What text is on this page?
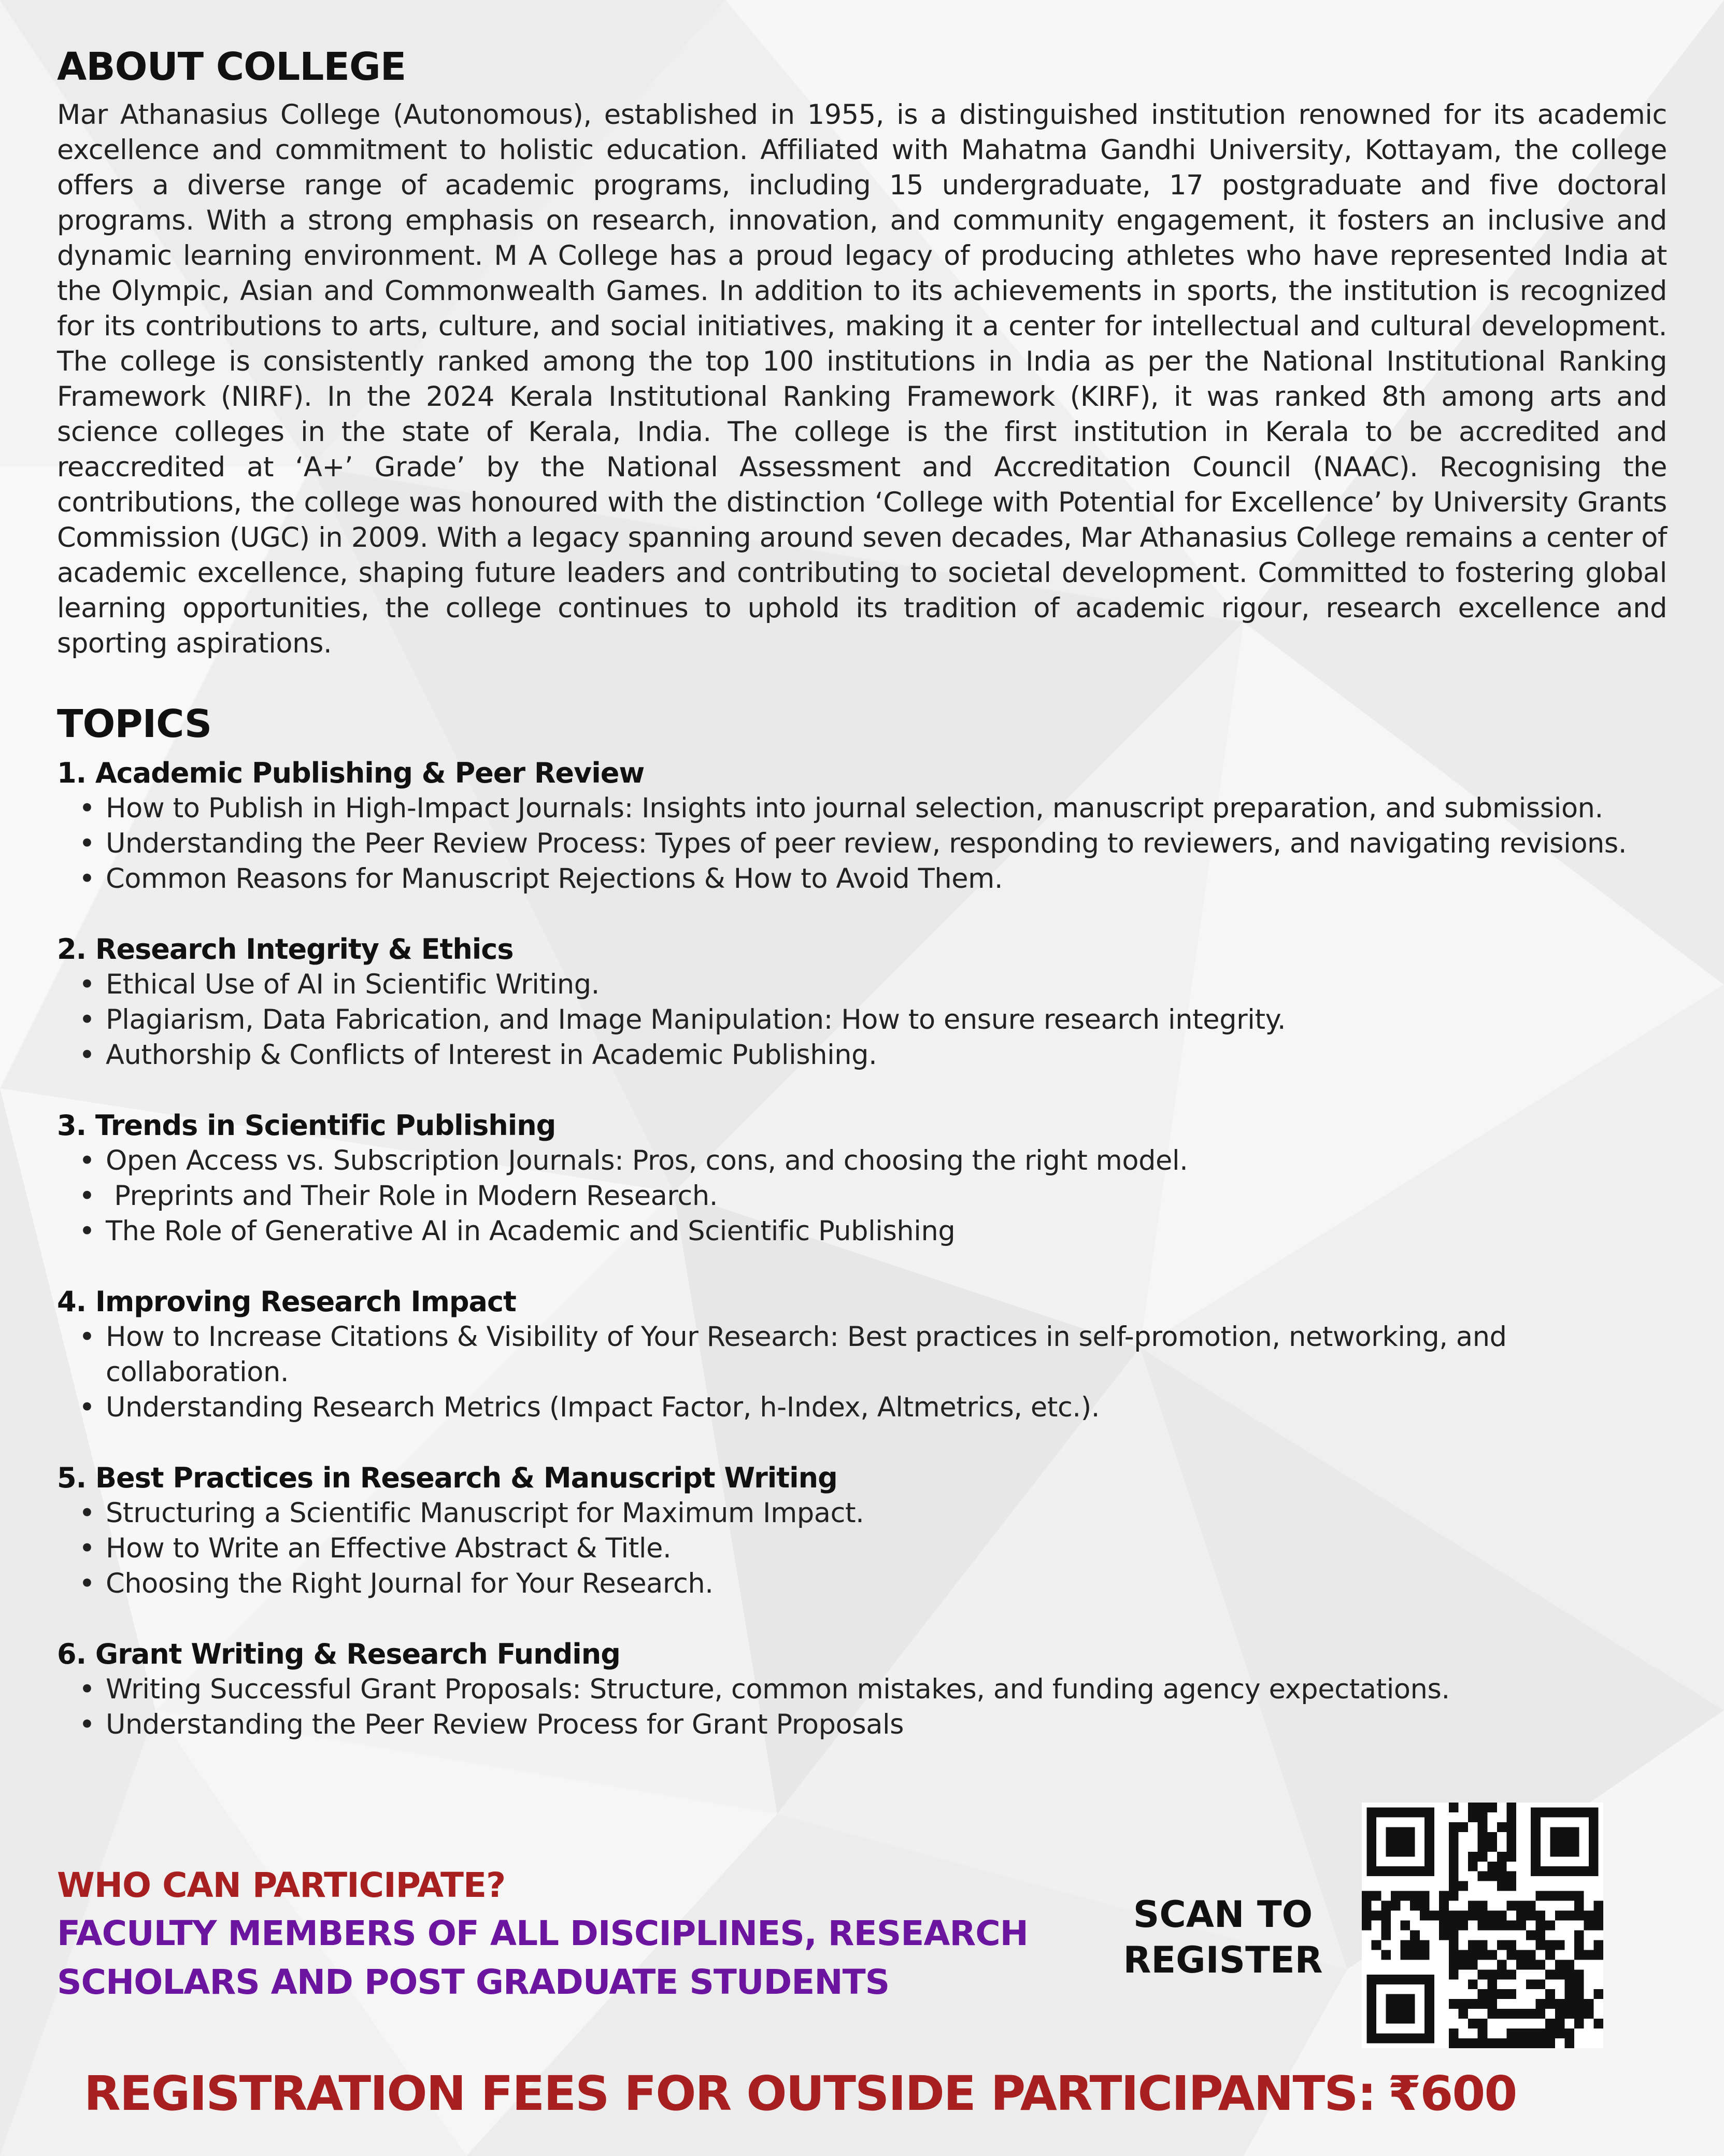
ABOUT COLLEGE

Mar Athanasius College (Autonomous), established in 1955, is a distinguished institution renowned for its academic excellence and commitment to holistic education. Affiliated with Mahatma Gandhi University, Kottayam, the college offers a diverse range of academic programs, including 15 undergraduate, 17 postgraduate and five doctoral programs. With a strong emphasis on research, innovation, and community engagement, it fosters an inclusive and dynamic learning environment. M A College has a proud legacy of producing athletes who have represented India at the Olympic, Asian and Commonwealth Games. In addition to its achievements in sports, the institution is recognized for its contributions to arts, culture, and social initiatives, making it a center for intellectual and cultural development. The college is consistently ranked among the top 100 institutions in India as per the National Institutional Ranking Framework (NIRF). In the 2024 Kerala Institutional Ranking Framework (KIRF), it was ranked 8th among arts and science colleges in the state of Kerala, India. The college is the first institution in Kerala to be accredited and reaccredited at ‘A+’ Grade’ by the National Assessment and Accreditation Council (NAAC). Recognising the contributions, the college was honoured with the distinction ‘College with Potential for Excellence’ by University Grants Commission (UGC) in 2009. With a legacy spanning around seven decades, Mar Athanasius College remains a center of academic excellence, shaping future leaders and contributing to societal development. Committed to fostering global learning opportunities, the college continues to uphold its tradition of academic rigour, research excellence and sporting aspirations.

TOPICS
1. Academic Publishing & Peer Review
• How to Publish in High-Impact Journals: Insights into journal selection, manuscript preparation, and submission.
• Understanding the Peer Review Process: Types of peer review, responding to reviewers, and navigating revisions.
• Common Reasons for Manuscript Rejections & How to Avoid Them.
2. Research Integrity & Ethics
• Ethical Use of AI in Scientific Writing.
• Plagiarism, Data Fabrication, and Image Manipulation: How to ensure research integrity.
• Authorship & Conflicts of Interest in Academic Publishing.
3. Trends in Scientific Publishing
• Open Access vs. Subscription Journals: Pros, cons, and choosing the right model.
• Preprints and Their Role in Modern Research.
• The Role of Generative AI in Academic and Scientific Publishing
4. Improving Research Impact
• How to Increase Citations & Visibility of Your Research: Best practices in self-promotion, networking, and collaboration.
• Understanding Research Metrics (Impact Factor, h-Index, Altmetrics, etc.).
5. Best Practices in Research & Manuscript Writing
• Structuring a Scientific Manuscript for Maximum Impact.
• How to Write an Effective Abstract & Title.
• Choosing the Right Journal for Your Research.
6. Grant Writing & Research Funding
• Writing Successful Grant Proposals: Structure, common mistakes, and funding agency expectations.
• Understanding the Peer Review Process for Grant Proposals
WHO CAN PARTICIPATE?
FACULTY MEMBERS OF ALL DISCIPLINES, RESEARCH SCHOLARS AND POST GRADUATE STUDENTS
SCAN TO
REGISTER
REGISTRATION FEES FOR OUTSIDE PARTICIPANTS: ₹600
